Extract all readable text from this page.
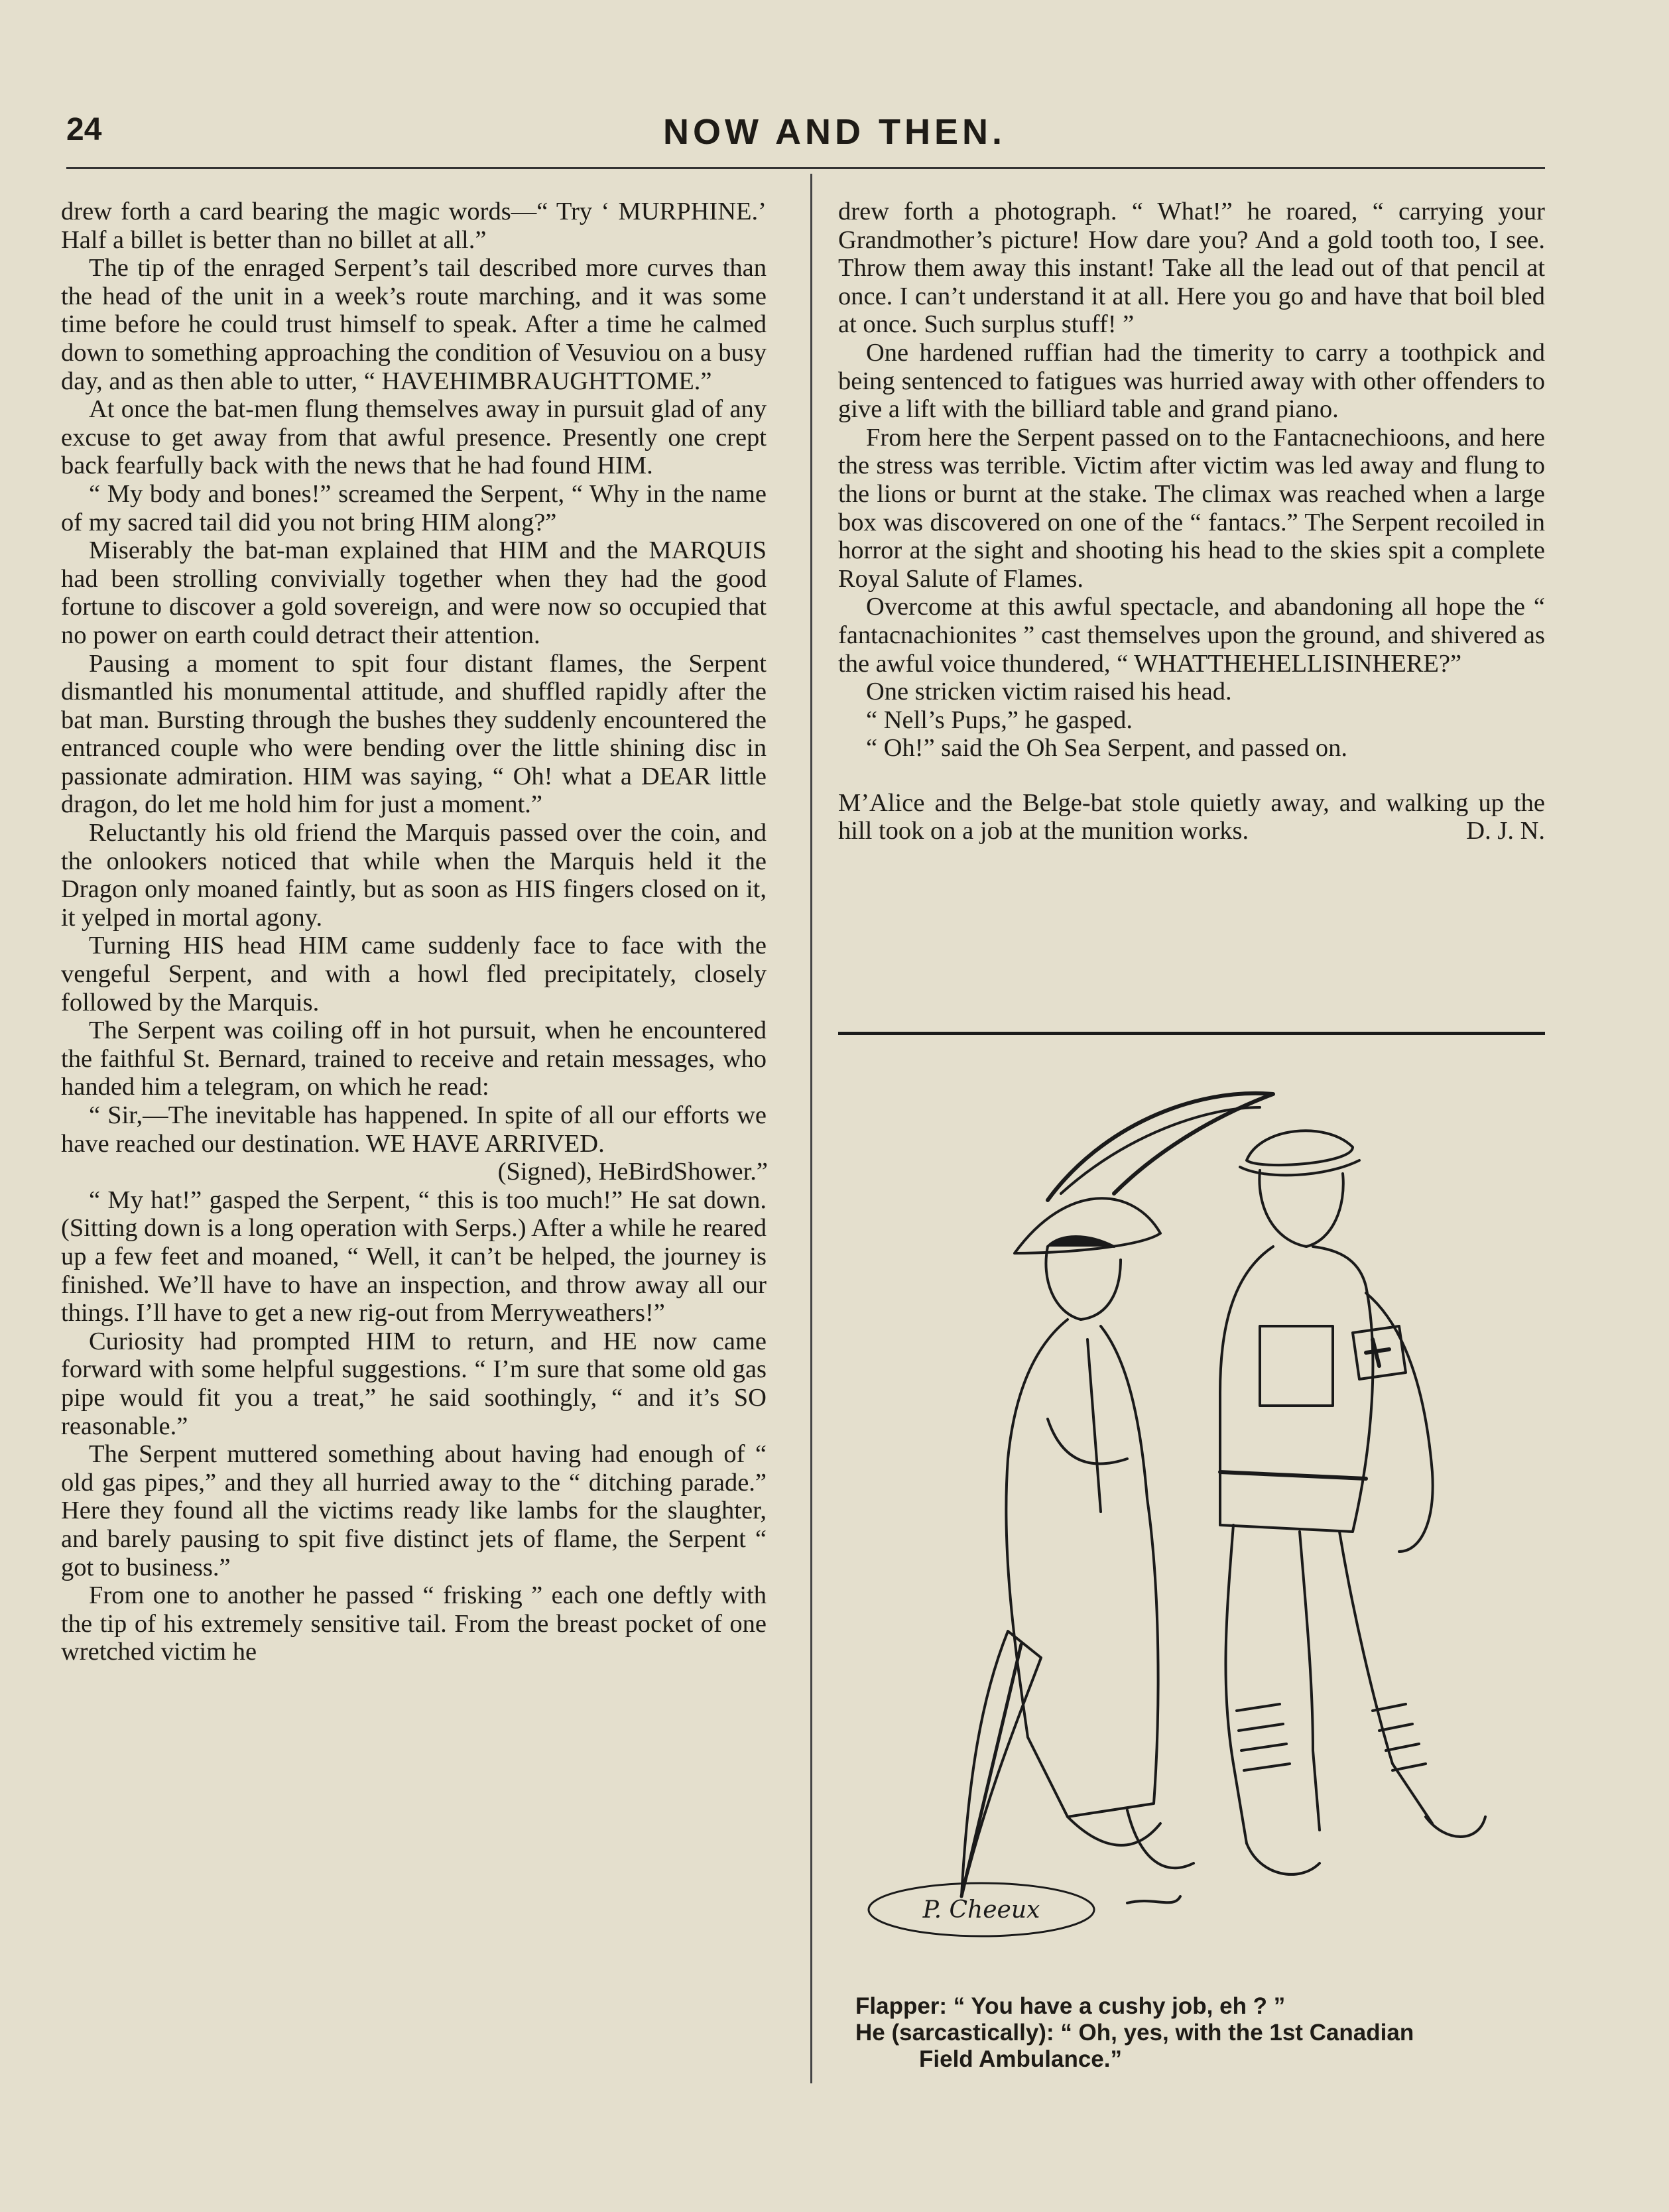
24	NOW AND THEN.

drew forth a card bearing the magic words—“ Try ‘ MURPHINE.’ Half a billet is better than no billet at all.”

The tip of the enraged Serpent’s tail described more curves than the head of the unit in a week’s route marching, and it was some time before he could trust himself to speak. After a time he calmed down to something approaching the condition of Vesuviou on a busy day, and as then able to utter, “ HAVEHIMBRAUGHTTOME.”

At once the bat-men flung themselves away in pursuit glad of any excuse to get away from that awful presence. Presently one crept back fearfully back with the news that he had found HIM.

“ My body and bones!” screamed the Serpent, “ Why in the name of my sacred tail did you not bring HIM along?”

Miserably the bat-man explained that HIM and the MARQUIS had been strolling convivially together when they had the good fortune to discover a gold sovereign, and were now so occupied that no power on earth could detract their attention.

Pausing a moment to spit four distant flames, the Serpent dismantled his monumental attitude, and shuffled rapidly after the bat man. Bursting through the bushes they suddenly encountered the entranced couple who were bending over the little shining disc in passionate admiration. HIM was saying, “ Oh! what a DEAR little dragon, do let me hold him for just a moment.”

Reluctantly his old friend the Marquis passed over the coin, and the onlookers noticed that while when the Marquis held it the Dragon only moaned faintly, but as soon as HIS fingers closed on it, it yelped in mortal agony.

Turning HIS head HIM came suddenly face to face with the vengeful Serpent, and with a howl fled precipitately, closely followed by the Marquis.

The Serpent was coiling off in hot pursuit, when he encountered the faithful St. Bernard, trained to receive and retain messages, who handed him a telegram, on which he read:

“ Sir,—The inevitable has happened. In spite of all our efforts we have reached our destination. WE HAVE ARRIVED.

(Signed), HeBirdShower.”

“ My hat!” gasped the Serpent, “ this is too much!” He sat down. (Sitting down is a long operation with Serps.) After a while he reared up a few feet and moaned, “ Well, it can’t be helped, the journey is finished. We’ll have to have an inspection, and throw away all our things. I’ll have to get a new rig-out from Merryweathers!”

Curiosity had prompted HIM to return, and HE now came forward with some helpful suggestions. “ I’m sure that some old gas pipe would fit you a treat,” he said soothingly, “ and it’s SO reasonable.”

The Serpent muttered something about having had enough of “ old gas pipes,” and they all hurried away to the “ ditching parade.” Here they found all the victims ready like lambs for the slaughter, and barely pausing to spit five distinct jets of flame, the Serpent “ got to business.”

From one to another he passed “ frisking ” each one deftly with the tip of his extremely sensitive tail. From the breast pocket of one wretched victim he

drew forth a photograph. “ What!” he roared, “ carrying your Grandmother’s picture! How dare you? And a gold tooth too, I see. Throw them away this instant! Take all the lead out of that pencil at once. I can’t understand it at all. Here you go and have that boil bled at once. Such surplus stuff! ”

One hardened ruffian had the timerity to carry a toothpick and being sentenced to fatigues was hurried away with other offenders to give a lift with the billiard table and grand piano.

From here the Serpent passed on to the Fantacnechioons, and here the stress was terrible. Victim after victim was led away and flung to the lions or burnt at the stake. The climax was reached when a large box was discovered on one of the “ fantacs.” The Serpent recoiled in horror at the sight and shooting his head to the skies spit a complete Royal Salute of Flames.

Overcome at this awful spectacle, and abandoning all hope the “ fantacnachionites ” cast themselves upon the ground, and shivered as the awful voice thundered, “ WHATTHEHELLISINHERE?”

One stricken victim raised his head.

“ Nell’s Pups,” he gasped.

“ Oh!” said the Oh Sea Serpent, and passed on.

M’Alice and the Belge-bat stole quietly away, and walking up the hill took on a job at the munition works.	D. J. N.

P. Cheeux
Flapper: “ You have a cushy job, eh ? ”
He (sarcastically): “ Oh, yes, with the 1st Canadian
Field Ambulance.”
